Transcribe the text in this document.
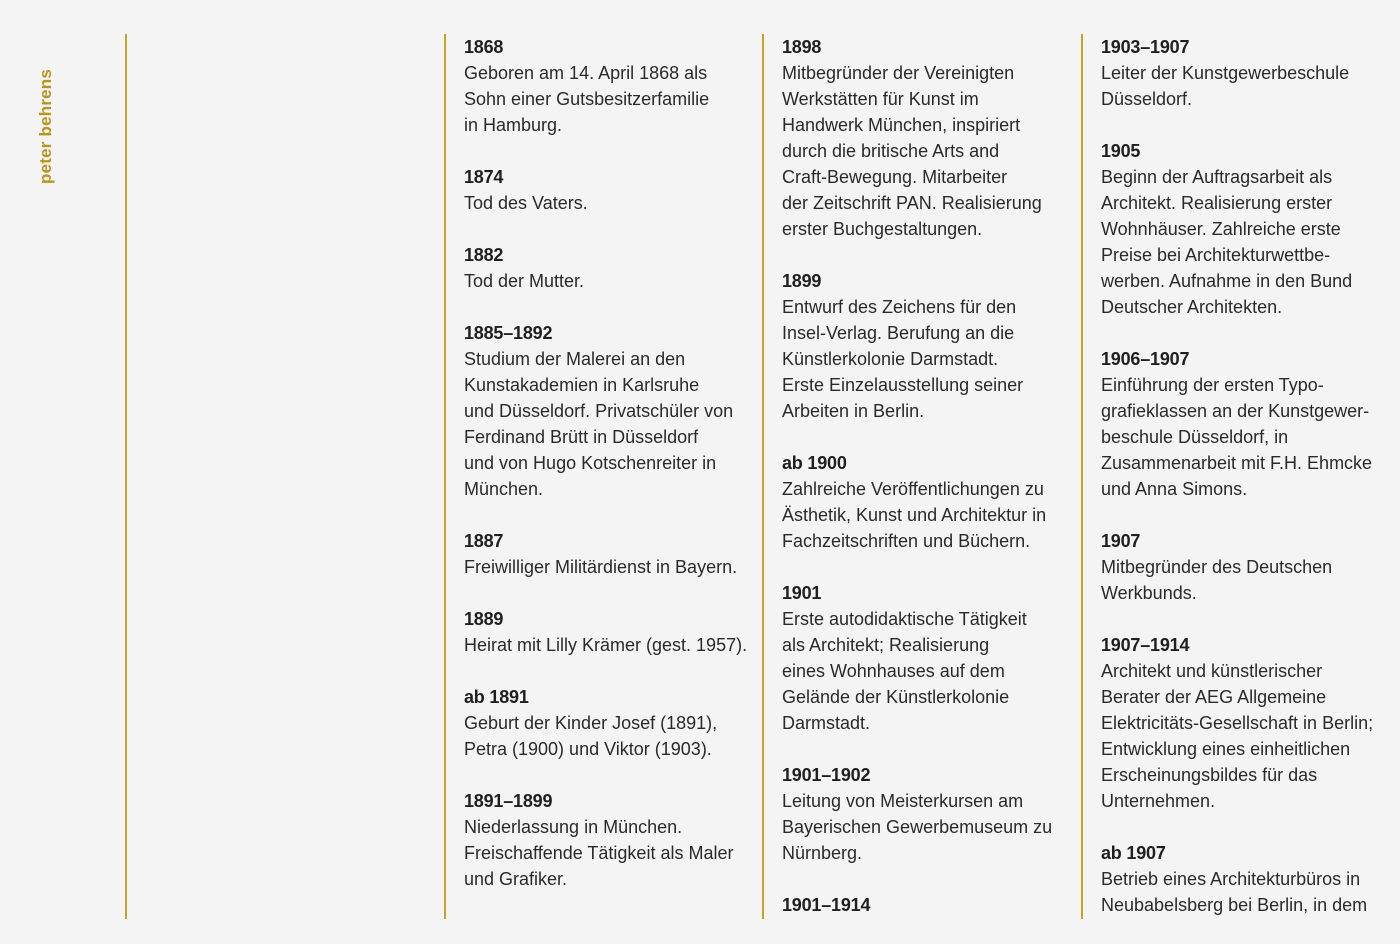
peter behrens
1868
Geboren am 14. April 1868 als
Sohn einer Gutsbesitzerfamilie
in Hamburg.
1874
Tod des Vaters.
1882
Tod der Mutter.
1885–1892
Studium der Malerei an den
Kunstakademien in Karlsruhe
und Düsseldorf. Privatschüler von
Ferdinand Brütt in Düsseldorf
und von Hugo Kotschenreiter in
München.
1887
Freiwilliger Militärdienst in Bayern.
1889
Heirat mit Lilly Krämer (gest. 1957).
ab 1891
Geburt der Kinder Josef (1891),
Petra (1900) und Viktor (1903).
1891–1899
Niederlassung in München.
Freischaffende Tätigkeit als Maler
und Grafiker.
1898
Mitbegründer der Vereinigten
Werkstätten für Kunst im
Handwerk München, inspiriert
durch die britische Arts and
Craft-Bewegung. Mitarbeiter
der Zeitschrift PAN. Realisierung
erster Buchgestaltungen.
1899
Entwurf des Zeichens für den
Insel-Verlag. Berufung an die
Künstlerkolonie Darmstadt.
Erste Einzelausstellung seiner
Arbeiten in Berlin.
ab 1900
Zahlreiche Veröffentlichungen zu
Ästhetik, Kunst und Architektur in
Fachzeitschriften und Büchern.
1901
Erste autodidaktische Tätigkeit
als Architekt; Realisierung
eines Wohnhauses auf dem
Gelände der Künstlerkolonie
Darmstadt.
1901–1902
Leitung von Meisterkursen am
Bayerischen Gewerbemuseum zu
Nürnberg.
1901–1914
1903–1907
Leiter der Kunstgewerbeschule
Düsseldorf.
1905
Beginn der Auftragsarbeit als
Architekt. Realisierung erster
Wohnhäuser. Zahlreiche erste
Preise bei Architekturwettbe-
werben. Aufnahme in den Bund
Deutscher Architekten.
1906–1907
Einführung der ersten Typo-
grafieklassen an der Kunstgewer-
beschule Düsseldorf, in
Zusammenarbeit mit F.H. Ehmcke
und Anna Simons.
1907
Mitbegründer des Deutschen
Werkbunds.
1907–1914
Architekt und künstlerischer
Berater der AEG Allgemeine
Elektricitäts-Gesellschaft in Berlin;
Entwicklung eines einheitlichen
Erscheinungsbildes für das
Unternehmen.
ab 1907
Betrieb eines Architekturbüros in
Neubabelsberg bei Berlin, in dem
